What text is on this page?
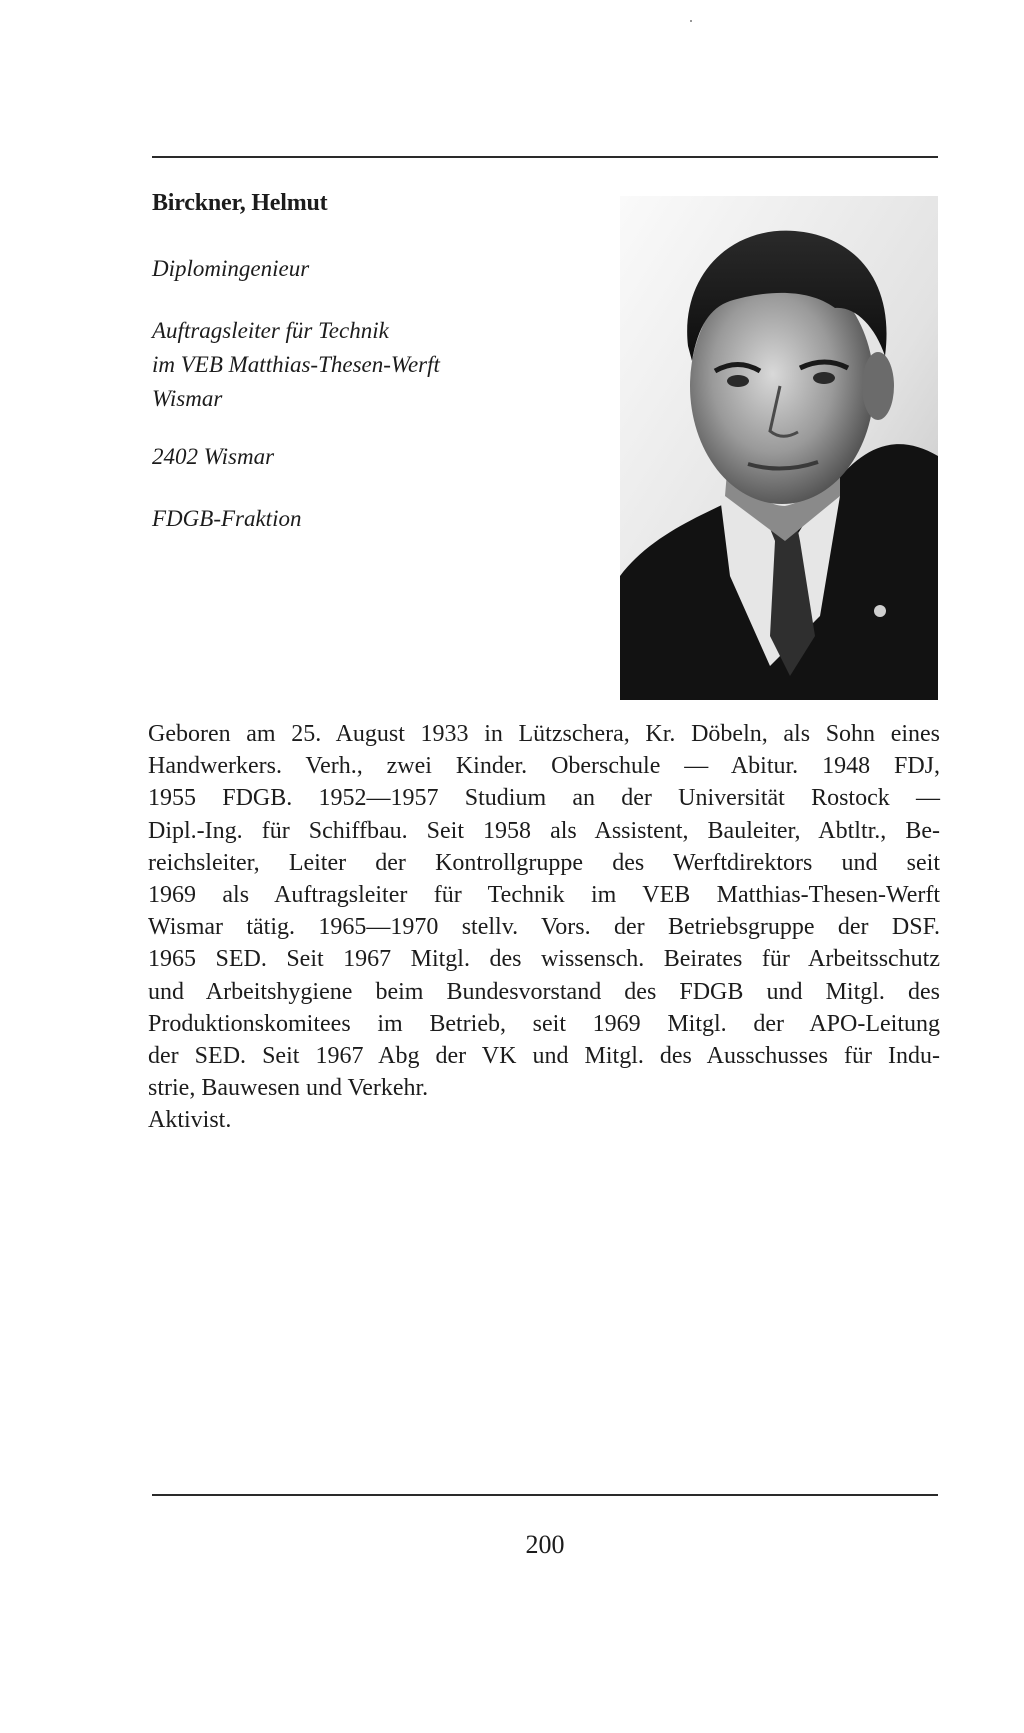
Birckner, Helmut
Diplomingenieur
Auftragsleiter für Technik
im VEB Matthias-Thesen-Werft
Wismar
2402 Wismar
FDGB-Fraktion
Geboren am 25. August 1933 in Lützschera, Kr. Döbeln, als Sohn eines
Handwerkers. Verh., zwei Kinder. Oberschule — Abitur. 1948 FDJ,
1955 FDGB. 1952—1957 Studium an der Universität Rostock —
Dipl.-Ing. für Schiffbau. Seit 1958 als Assistent, Bauleiter, Abtltr., Be-
reichsleiter, Leiter der Kontrollgruppe des Werftdirektors und seit
1969 als Auftragsleiter für Technik im VEB Matthias-Thesen-Werft
Wismar tätig. 1965—1970 stellv. Vors. der Betriebsgruppe der DSF.
1965 SED. Seit 1967 Mitgl. des wissensch. Beirates für Arbeitsschutz
und Arbeitshygiene beim Bundesvorstand des FDGB und Mitgl. des
Produktionskomitees im Betrieb, seit 1969 Mitgl. der APO-Leitung
der SED. Seit 1967 Abg der VK und Mitgl. des Ausschusses für Indu-
strie, Bauwesen und Verkehr.
Aktivist.
200
